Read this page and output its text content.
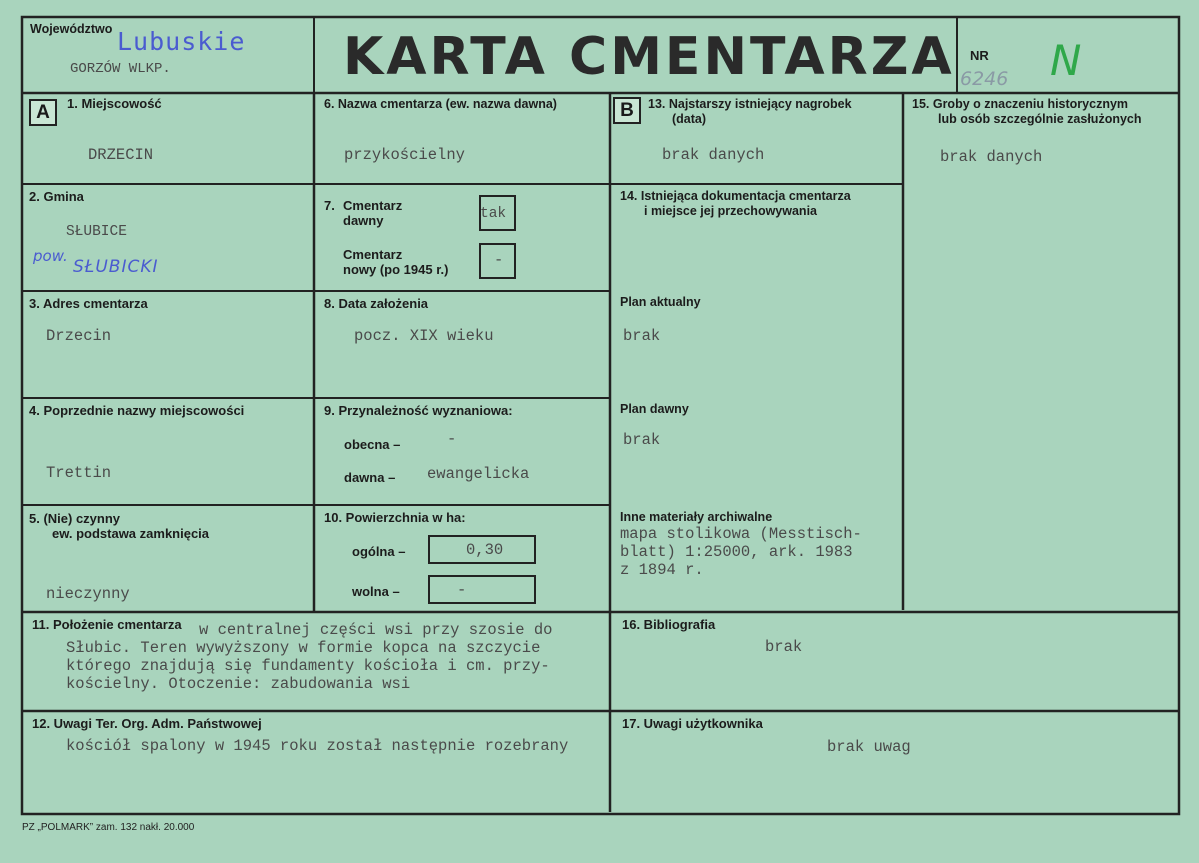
Województwo Lubuskie
GORZÓW WLKP.	KARTA CMENTARZA NR
6246 N
A	1. Miejscowość
DRZECIN
2. Gmina
SŁUBICE
pow.
SŁUBICKI
3. Adres cmentarza
Drzecin
4. Poprzednie nazwy miejscowości
Trettin
5. (Nie) czynny
ew. podstawa zamknięcia
nieczynny
6. Nazwa cmentarza (ew. nazwa dawna)
przykościelny
7. Cmentarz
dawny	tak
Cmentarz
nowy (po 1945 r.)
-
8. Data założenia
pocz. XIX wieku
9. Przynależność wyznaniowa:
obecna –	-
dawna – ewangelicka
10. Powierzchnia w ha:
ogólna –	0,30
wolna –	-
B	13. Najstarszy istniejący nagrobek
(data)
brak danych
14. Istniejąca dokumentacja cmentarza
i miejsce jej przechowywania
Plan aktualny
brak
Plan dawny
brak
Inne materiały archiwalne
mapa stolikowa (Messtisch-
blatt) 1:25000, ark. 1983
z 1894 r.
15. Groby o znaczeniu historycznym
lub osób szczególnie zasłużonych
brak danych
11. Położenie cmentarza w centralnej części wsi przy szosie do
Słubic. Teren wywyższony w formie kopca na szczycie
którego znajdują się fundamenty kościoła i cm. przy-
kościelny. Otoczenie: zabudowania wsi
16. Bibliografia
brak
12. Uwagi Ter. Org. Adm. Państwowej
kościół spalony w 1945 roku został następnie rozebrany
17. Uwagi użytkownika
brak uwag
PZ „POLMARK” zam. 132 nakł. 20.000
